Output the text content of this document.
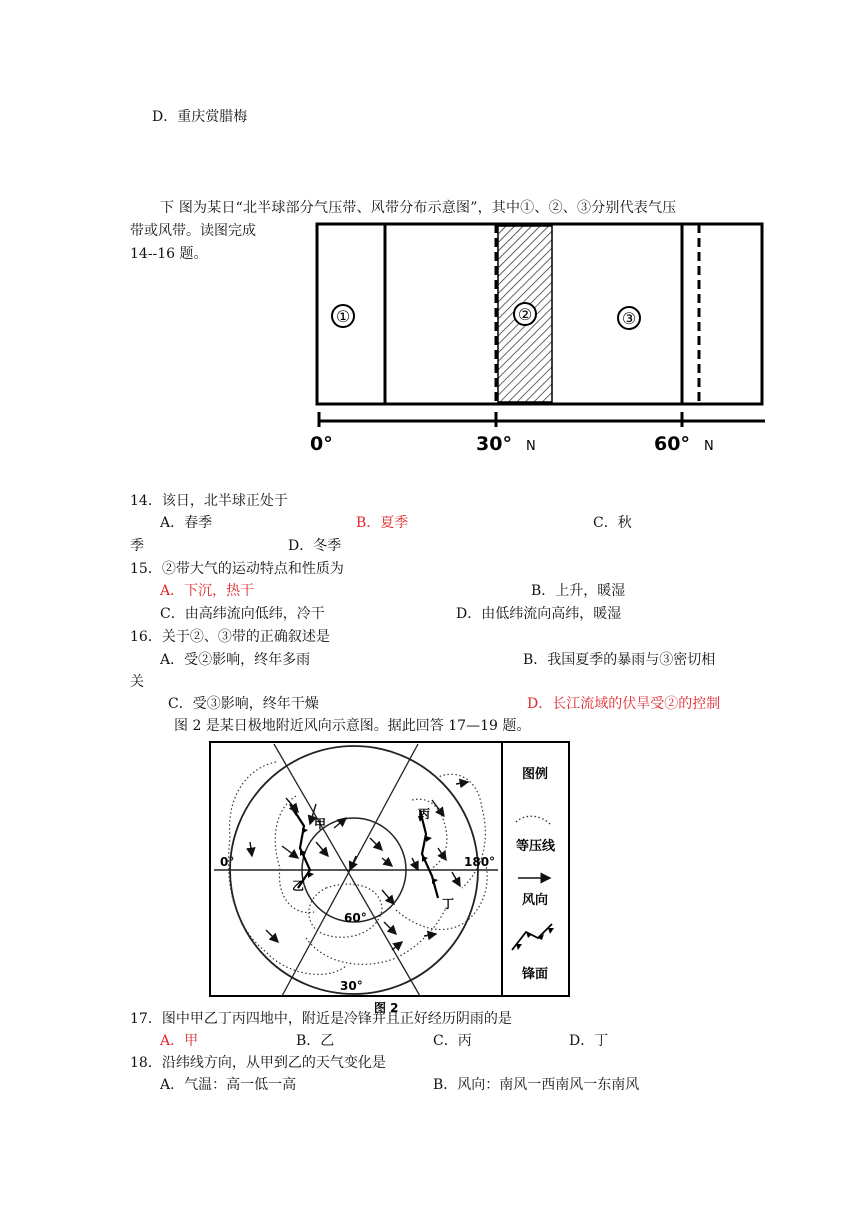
D．重庆赏腊梅
下 图为某日“北半球部分气压带、风带分布示意图”，其中①、②、③分别代表气压
带或风带。读图完成
14--16 题。
①	②	③
0°	30° N	60° N
14．该日，北半球正处于
A．春季	B．夏季	C．秋
季	D．冬季
15．②带大气的运动特点和性质为
A．下沉，热干	B．上升，暖湿
C．由高纬流向低纬，冷干	D．由低纬流向高纬，暖湿
16．关于②、③带的正确叙述是
A．受②影响，终年多雨	B．我国夏季的暴雨与③密切相
关
C．受③影响，终年干燥	D．长江流域的伏旱受②的控制
图 2 是某日极地附近风向示意图。据此回答 17—19 题。
甲
乙
丙
丁
0°	180°
60°
30°
图 2
图例
等压线
风向
锋面
17．图中甲乙丁丙四地中，附近是冷锋并且正好经历阴雨的是
A．甲	B．乙	C．丙	D．丁
18．沿纬线方向，从甲到乙的天气变化是
A．气温：高一低一高	B．风向：南风一西南风一东南风
